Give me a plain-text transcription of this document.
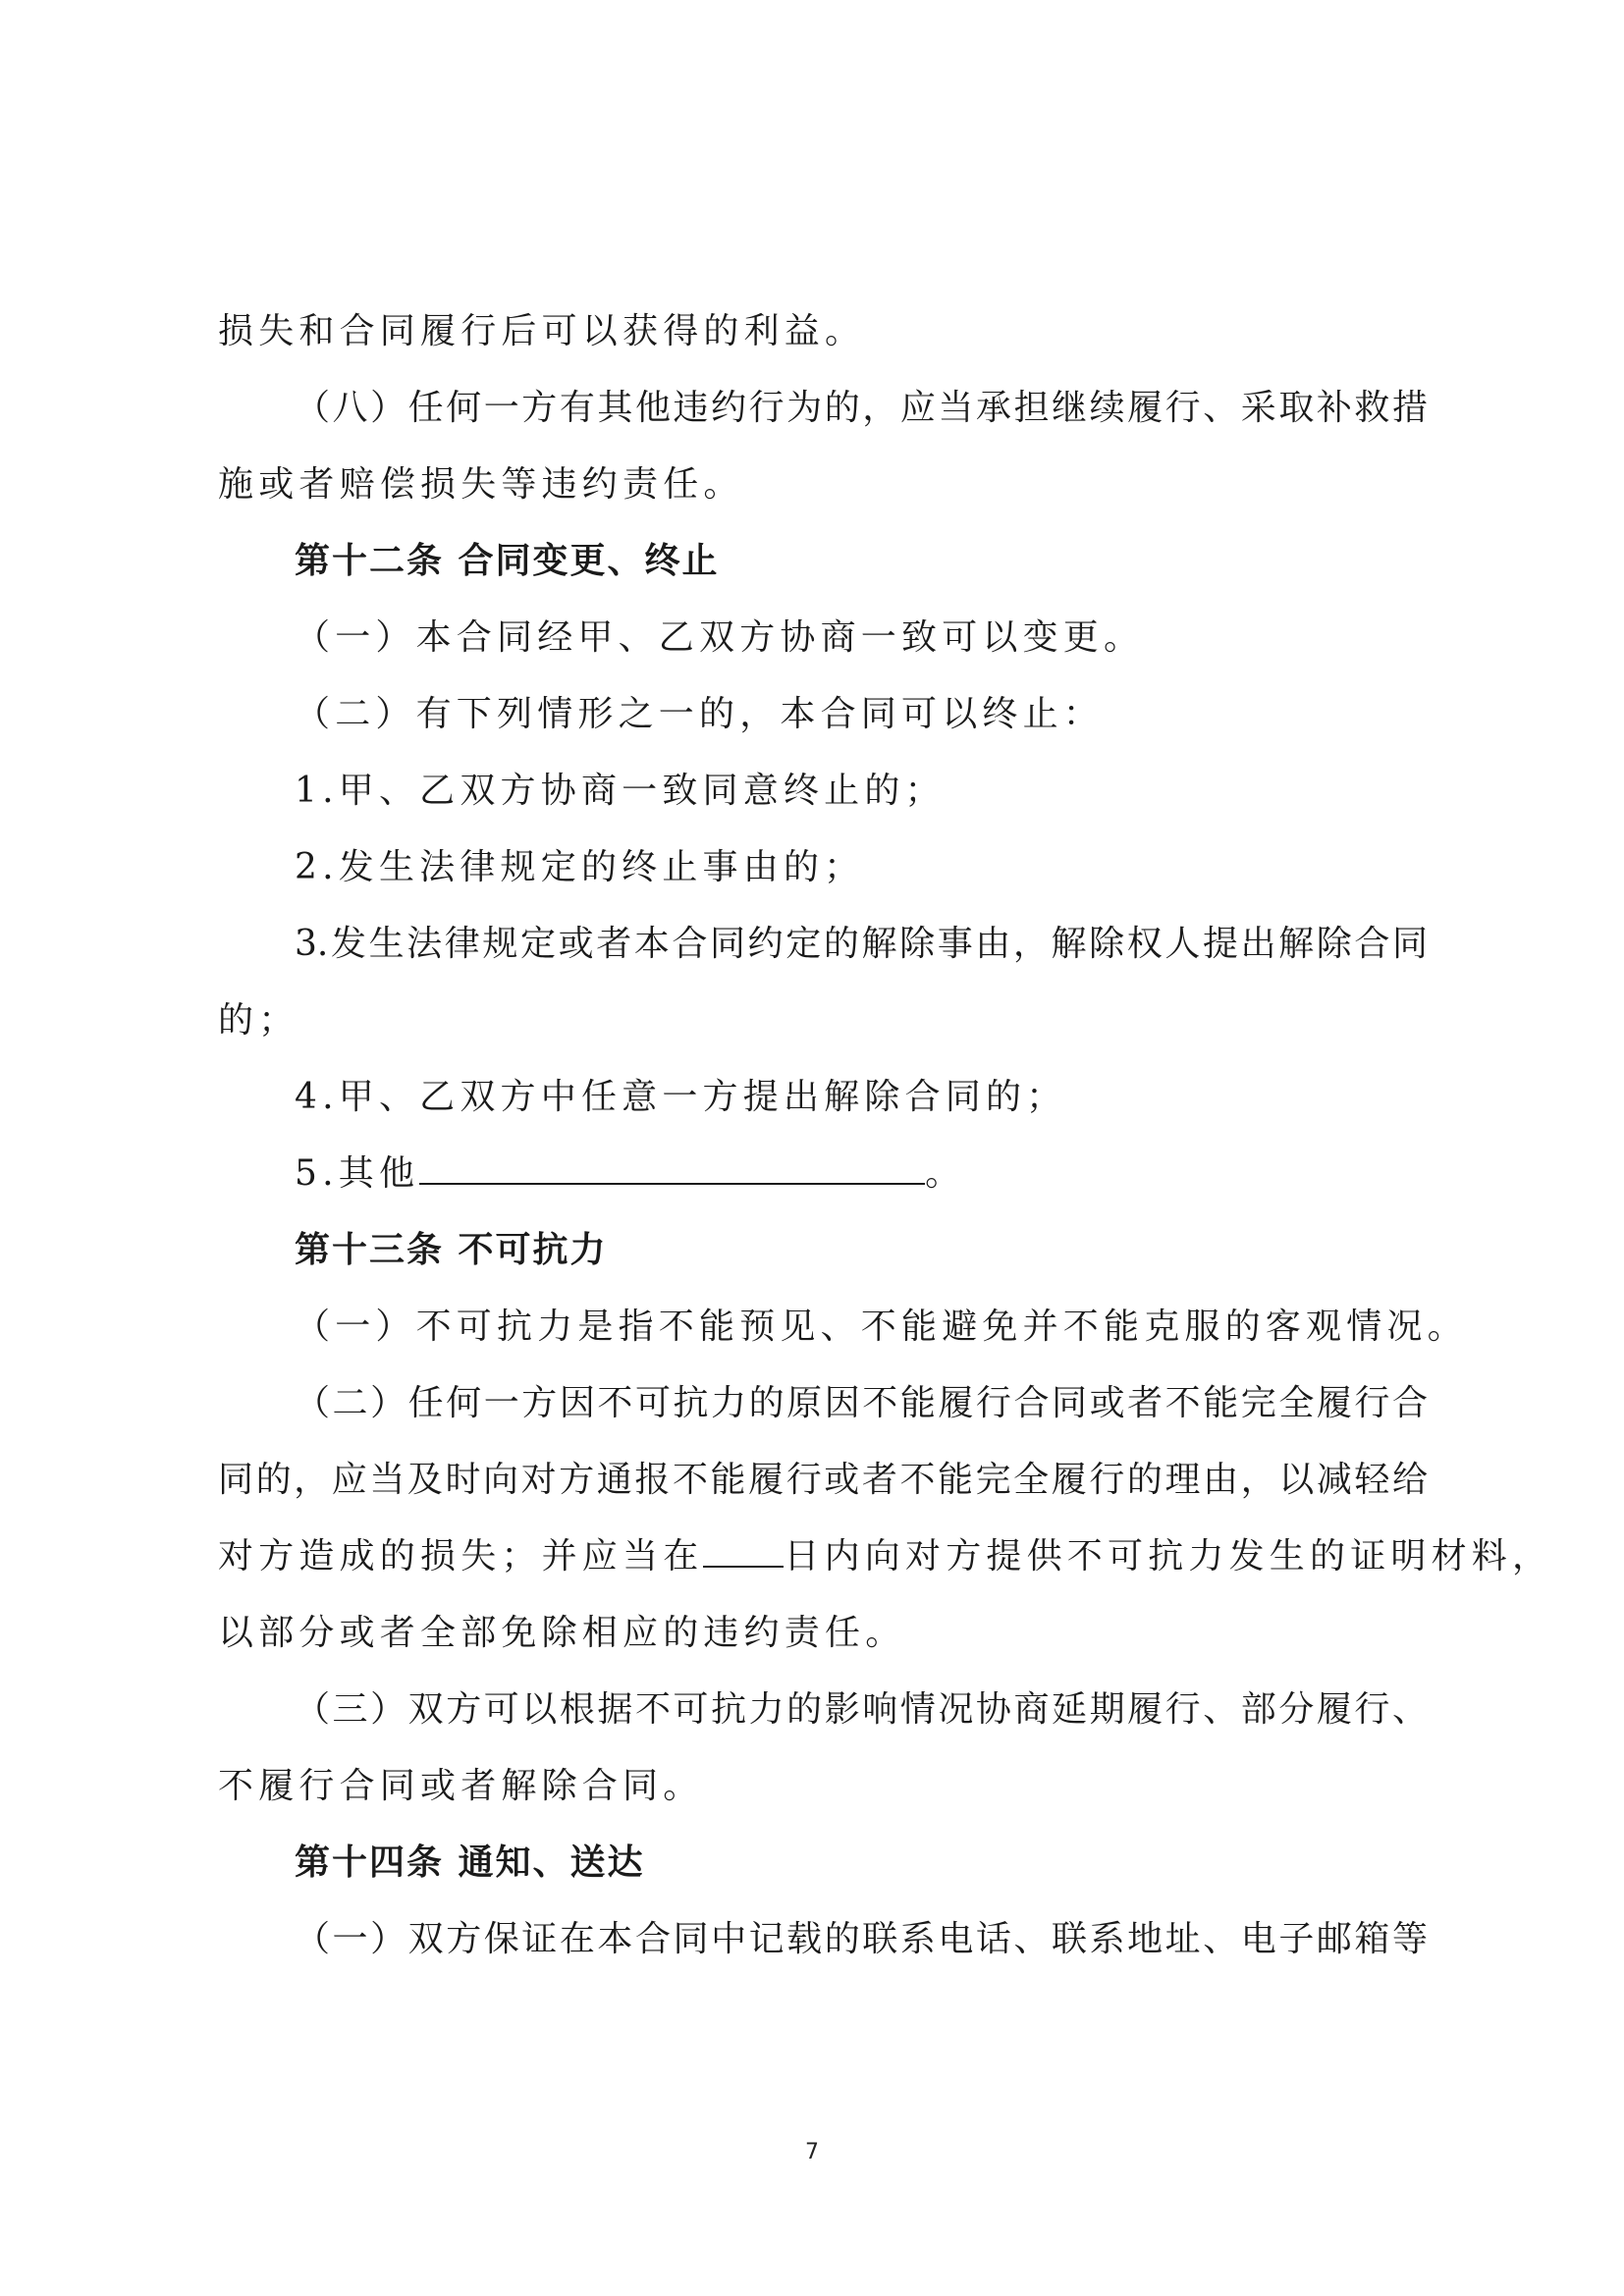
损失和合同履行后可以获得的利益。
（八）任何一方有其他违约行为的，应当承担继续履行、采取补救措
施或者赔偿损失等违约责任。
第十二条 合同变更、终止
（一）本合同经甲、乙双方协商一致可以变更。
（二）有下列情形之一的，本合同可以终止：
1.甲、乙双方协商一致同意终止的；
2.发生法律规定的终止事由的；
3.发生法律规定或者本合同约定的解除事由，解除权人提出解除合同
的；
4.甲、乙双方中任意一方提出解除合同的；
5.其他	。
第十三条 不可抗力
（一）不可抗力是指不能预见、不能避免并不能克服的客观情况。
（二）任何一方因不可抗力的原因不能履行合同或者不能完全履行合
同的，应当及时向对方通报不能履行或者不能完全履行的理由，以减轻给
对方造成的损失；并应当在 日内向对方提供不可抗力发生的证明材料，
以部分或者全部免除相应的违约责任。
（三）双方可以根据不可抗力的影响情况协商延期履行、部分履行、
不履行合同或者解除合同。
第十四条 通知、送达
（一）双方保证在本合同中记载的联系电话、联系地址、电子邮箱等
7
